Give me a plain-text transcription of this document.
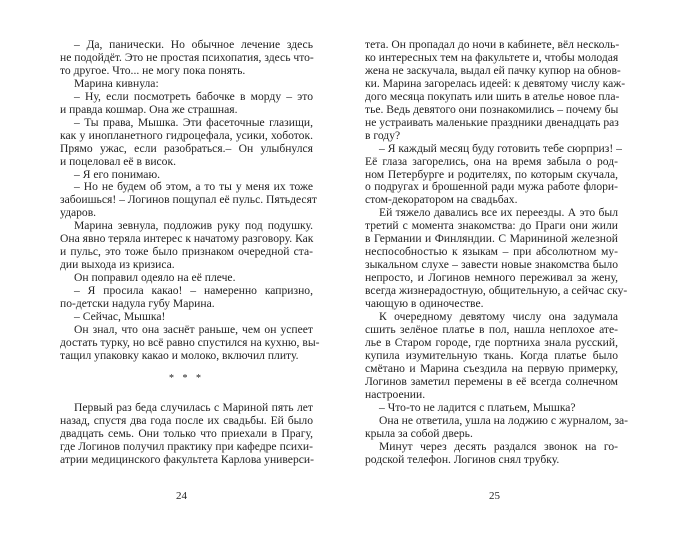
– Да, панически. Но обычное лечение здесь
не подойдёт. Это не простая психопатия, здесь что-
то другое. Что... не могу пока понять.
Марина кивнула:
– Ну, если посмотреть бабочке в морду – это
и правда кошмар. Она же страшная.
– Ты права, Мышка. Эти фасеточные глазищи,
как у инопланетного гидроцефала, усики, хоботок.
Прямо ужас, если разобраться.– Он улыбнулся
и поцеловал её в висок.
– Я его понимаю.
– Но не будем об этом, а то ты у меня их тоже
забоишься! – Логинов пощупал её пульс. Пятьдесят
ударов.
Марина зевнула, подложив руку под подушку.
Она явно теряла интерес к начатому разговору. Как
и пульс, это тоже было признаком очередной ста-
дии выхода из кризиса.
Он поправил одеяло на её плече.
– Я просила какао! – намеренно капризно,
по-детски надула губу Марина.
– Сейчас, Мышка!
Он знал, что она заснёт раньше, чем он успеет
достать турку, но всё равно спустился на кухню, вы-
тащил упаковку какао и молоко, включил плиту.
* * *
Первый раз беда случилась с Мариной пять лет
назад, спустя два года после их свадьбы. Ей было
двадцать семь. Они только что приехали в Прагу,
где Логинов получил практику при кафедре психи-
атрии медицинского факультета Карлова универси-
24
тета. Он пропадал до ночи в кабинете, вёл несколь-
ко интересных тем на факультете и, чтобы молодая
жена не заскучала, выдал ей пачку купюр на обнов-
ки. Марина загорелась идеей: к девятому числу каж-
дого месяца покупать или шить в ателье новое пла-
тье. Ведь девятого они познакомились – почему бы
не устраивать маленькие праздники двенадцать раз
в году?
– Я каждый месяц буду готовить тебе сюрприз! –
Её глаза загорелись, она на время забыла о род-
ном Петербурге и родителях, по которым скучала,
о подругах и брошенной ради мужа работе флори-
стом-декоратором на свадьбах.
Ей тяжело давались все их переезды. А это был
третий с момента знакомства: до Праги они жили
в Германии и Финляндии. С Марининой железной
неспособностью к языкам – при абсолютном му-
зыкальном слухе – завести новые знакомства было
непросто, и Логинов немного переживал за жену,
всегда жизнерадостную, общительную, а сейчас ску-
чающую в одиночестве.
К очередному девятому числу она задумала
сшить зелёное платье в пол, нашла неплохое ате-
лье в Старом городе, где портниха знала русский,
купила изумительную ткань. Когда платье было
смётано и Марина съездила на первую примерку,
Логинов заметил перемены в её всегда солнечном
настроении.
– Что-то не ладится с платьем, Мышка?
Она не ответила, ушла на лоджию с журналом, за-
крыла за собой дверь.
Минут через десять раздался звонок на го-
родской телефон. Логинов снял трубку.
25
